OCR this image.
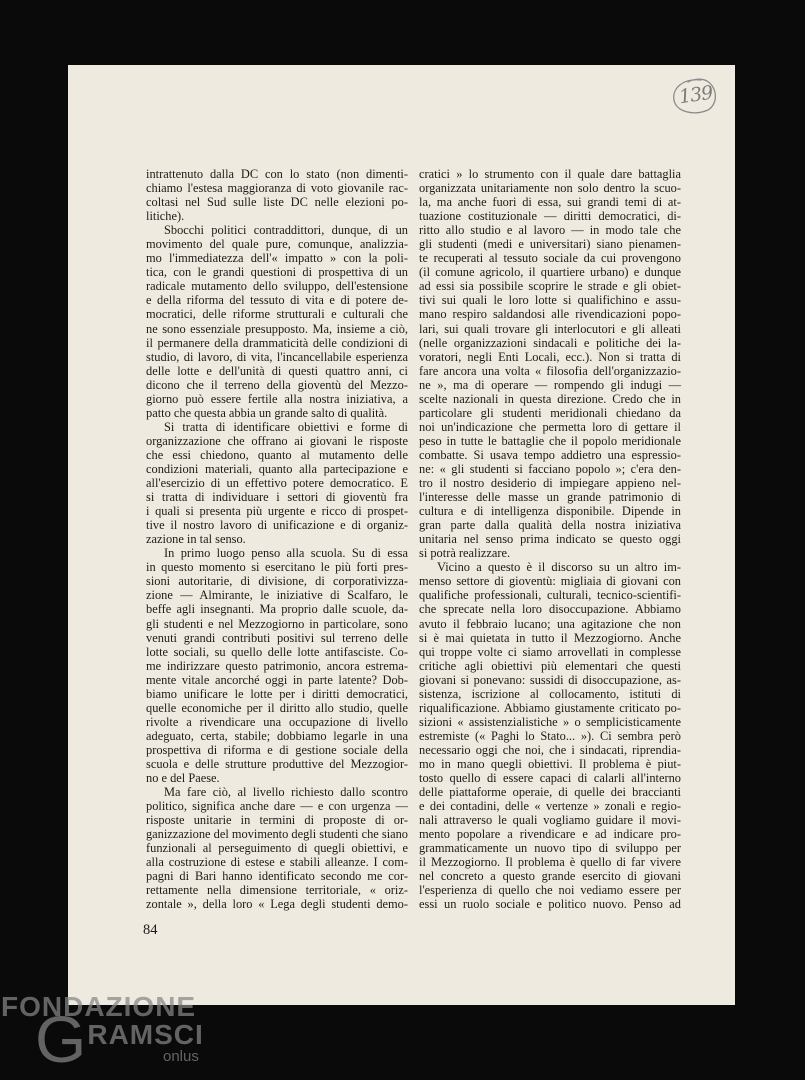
intrattenuto dalla DC con lo stato (non dimenti-
chiamo l'estesa maggioranza di voto giovanile rac-
coltasi nel Sud sulle liste DC nelle elezioni po-
litiche).
Sbocchi politici contraddittori, dunque, di un
movimento del quale pure, comunque, analizzia-
mo l'immediatezza dell'« impatto » con la poli-
tica, con le grandi questioni di prospettiva di un
radicale mutamento dello sviluppo, dell'estensione
e della riforma del tessuto di vita e di potere de-
mocratici, delle riforme strutturali e culturali che
ne sono essenziale presupposto. Ma, insieme a ciò,
il permanere della drammaticità delle condizioni di
studio, di lavoro, di vita, l'incancellabile esperienza
delle lotte e dell'unità di questi quattro anni, ci
dicono che il terreno della gioventù del Mezzo-
giorno può essere fertile alla nostra iniziativa, a
patto che questa abbia un grande salto di qualità.
Si tratta di identificare obiettivi e forme di
organizzazione che offrano ai giovani le risposte
che essi chiedono, quanto al mutamento delle
condizioni materiali, quanto alla partecipazione e
all'esercizio di un effettivo potere democratico. E
si tratta di individuare i settori di gioventù fra
i quali si presenta più urgente e ricco di prospet-
tive il nostro lavoro di unificazione e di organiz-
zazione in tal senso.
In primo luogo penso alla scuola. Su di essa
in questo momento si esercitano le più forti pres-
sioni autoritarie, di divisione, di corporativizza-
zione — Almirante, le iniziative di Scalfaro, le
beffe agli insegnanti. Ma proprio dalle scuole, da-
gli studenti e nel Mezzogiorno in particolare, sono
venuti grandi contributi positivi sul terreno delle
lotte sociali, su quello delle lotte antifasciste. Co-
me indirizzare questo patrimonio, ancora estrema-
mente vitale ancorché oggi in parte latente? Dob-
biamo unificare le lotte per i diritti democratici,
quelle economiche per il diritto allo studio, quelle
rivolte a rivendicare una occupazione di livello
adeguato, certa, stabile; dobbiamo legarle in una
prospettiva di riforma e di gestione sociale della
scuola e delle strutture produttive del Mezzogior-
no e del Paese.
Ma fare ciò, al livello richiesto dallo scontro
politico, significa anche dare — e con urgenza —
risposte unitarie in termini di proposte di or-
ganizzazione del movimento degli studenti che siano
funzionali al perseguimento di quegli obiettivi, e
alla costruzione di estese e stabili alleanze. I com-
pagni di Bari hanno identificato secondo me cor-
rettamente nella dimensione territoriale, « oriz-
zontale », della loro « Lega degli studenti demo-
cratici » lo strumento con il quale dare battaglia
organizzata unitariamente non solo dentro la scuo-
la, ma anche fuori di essa, sui grandi temi di at-
tuazione costituzionale — diritti democratici, di-
ritto allo studio e al lavoro — in modo tale che
gli studenti (medi e universitari) siano pienamen-
te recuperati al tessuto sociale da cui provengono
(il comune agricolo, il quartiere urbano) e dunque
ad essi sia possibile scoprire le strade e gli obiet-
tivi sui quali le loro lotte si qualifichino e assu-
mano respiro saldandosi alle rivendicazioni popo-
lari, sui quali trovare gli interlocutori e gli alleati
(nelle organizzazioni sindacali e politiche dei la-
voratori, negli Enti Locali, ecc.). Non si tratta di
fare ancora una volta « filosofia dell'organizzazio-
ne », ma di operare — rompendo gli indugi —
scelte nazionali in questa direzione. Credo che in
particolare gli studenti meridionali chiedano da
noi un'indicazione che permetta loro di gettare il
peso in tutte le battaglie che il popolo meridionale
combatte. Si usava tempo addietro una espressio-
ne: « gli studenti si facciano popolo »; c'era den-
tro il nostro desiderio di impiegare appieno nel-
l'interesse delle masse un grande patrimonio di
cultura e di intelligenza disponibile. Dipende in
gran parte dalla qualità della nostra iniziativa
unitaria nel senso prima indicato se questo oggi
si potrà realizzare.
Vicino a questo è il discorso su un altro im-
menso settore di gioventù: migliaia di giovani con
qualifiche professionali, culturali, tecnico-scientifi-
che sprecate nella loro disoccupazione. Abbiamo
avuto il febbraio lucano; una agitazione che non
si è mai quietata in tutto il Mezzogiorno. Anche
qui troppe volte ci siamo arrovellati in complesse
critiche agli obiettivi più elementari che questi
giovani si ponevano: sussidi di disoccupazione, as-
sistenza, iscrizione al collocamento, istituti di
riqualificazione. Abbiamo giustamente criticato po-
sizioni « assistenzialistiche » o semplicisticamente
estremiste (« Paghi lo Stato... »). Ci sembra però
necessario oggi che noi, che i sindacati, riprendia-
mo in mano quegli obiettivi. Il problema è piut-
tosto quello di essere capaci di calarli all'interno
delle piattaforme operaie, di quelle dei braccianti
e dei contadini, delle « vertenze » zonali e regio-
nali attraverso le quali vogliamo guidare il movi-
mento popolare a rivendicare e ad indicare pro-
grammaticamente un nuovo tipo di sviluppo per
il Mezzogiorno. Il problema è quello di far vivere
nel concreto a questo grande esercito di giovani
l'esperienza di quello che noi vediamo essere per
essi un ruolo sociale e politico nuovo. Penso ad
84
139
FONDAZIONE
GRAMSCI
onlus
